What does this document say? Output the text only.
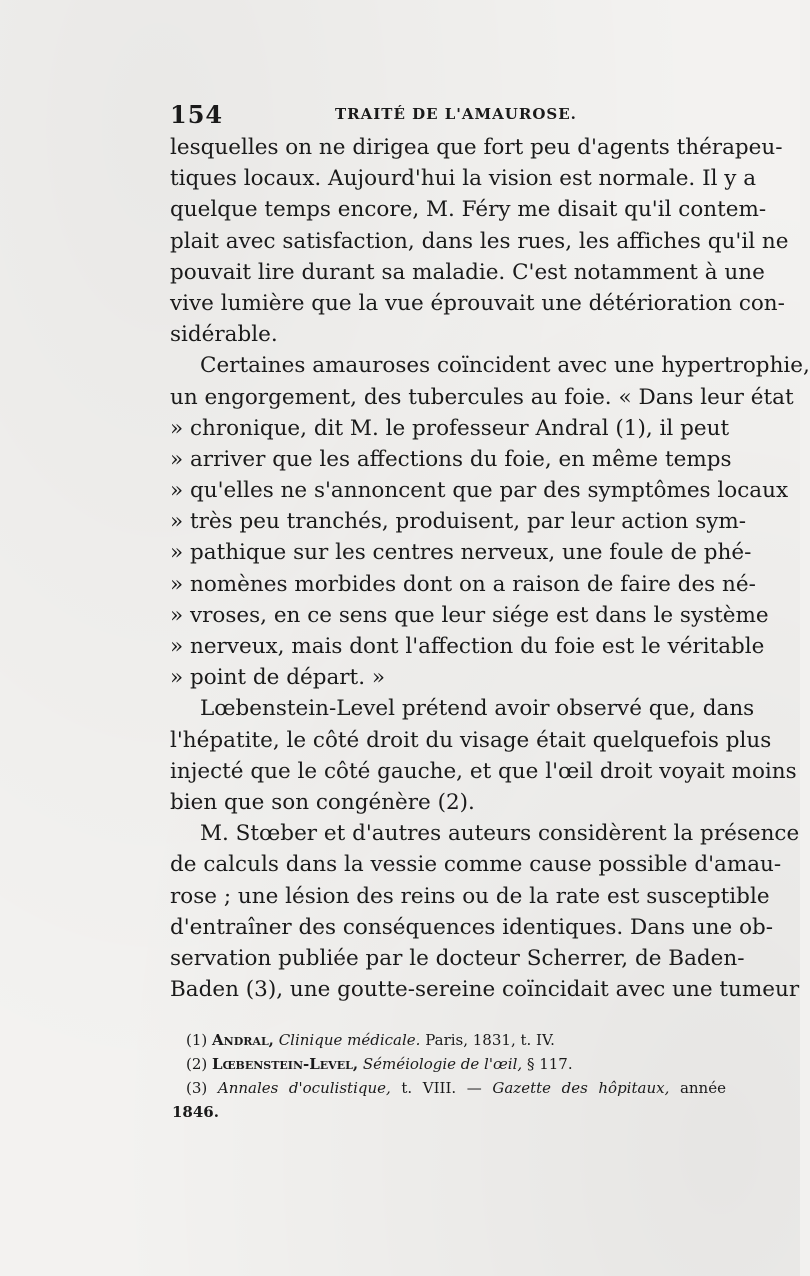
154	TRAITÉ DE L'AMAUROSE.
lesquelles on ne dirigea que fort peu d'agents thérapeu-
tiques locaux. Aujourd'hui la vision est normale. Il y a
quelque temps encore, M. Féry me disait qu'il contem-
plait avec satisfaction, dans les rues, les affiches qu'il ne
pouvait lire durant sa maladie. C'est notamment à une
vive lumière que la vue éprouvait une détérioration con-
sidérable.
Certaines amauroses coïncident avec une hypertrophie,
un engorgement, des tubercules au foie. « Dans leur état
» chronique, dit M. le professeur Andral (1), il peut
» arriver que les affections du foie, en même temps
» qu'elles ne s'annoncent que par des symptômes locaux
» très peu tranchés, produisent, par leur action sym-
» pathique sur les centres nerveux, une foule de phé-
» nomènes morbides dont on a raison de faire des né-
» vroses, en ce sens que leur siége est dans le système
» nerveux, mais dont l'affection du foie est le véritable
» point de départ. »
Lœbenstein-Level prétend avoir observé que, dans
l'hépatite, le côté droit du visage était quelquefois plus
injecté que le côté gauche, et que l'œil droit voyait moins
bien que son congénère (2).
M. Stœber et d'autres auteurs considèrent la présence
de calculs dans la vessie comme cause possible d'amau-
rose ; une lésion des reins ou de la rate est susceptible
d'entraîner des conséquences identiques. Dans une ob-
servation publiée par le docteur Scherrer, de Baden-
Baden (3), une goutte-sereine coïncidait avec une tumeur
(1) Andral, Clinique médicale. Paris, 1831, t. IV.
(2) Lœbenstein-Level, Séméiologie de l'œil, § 117.
(3) Annales d'oculistique, t. VIII. — Gazette des hôpitaux, année
1846.
